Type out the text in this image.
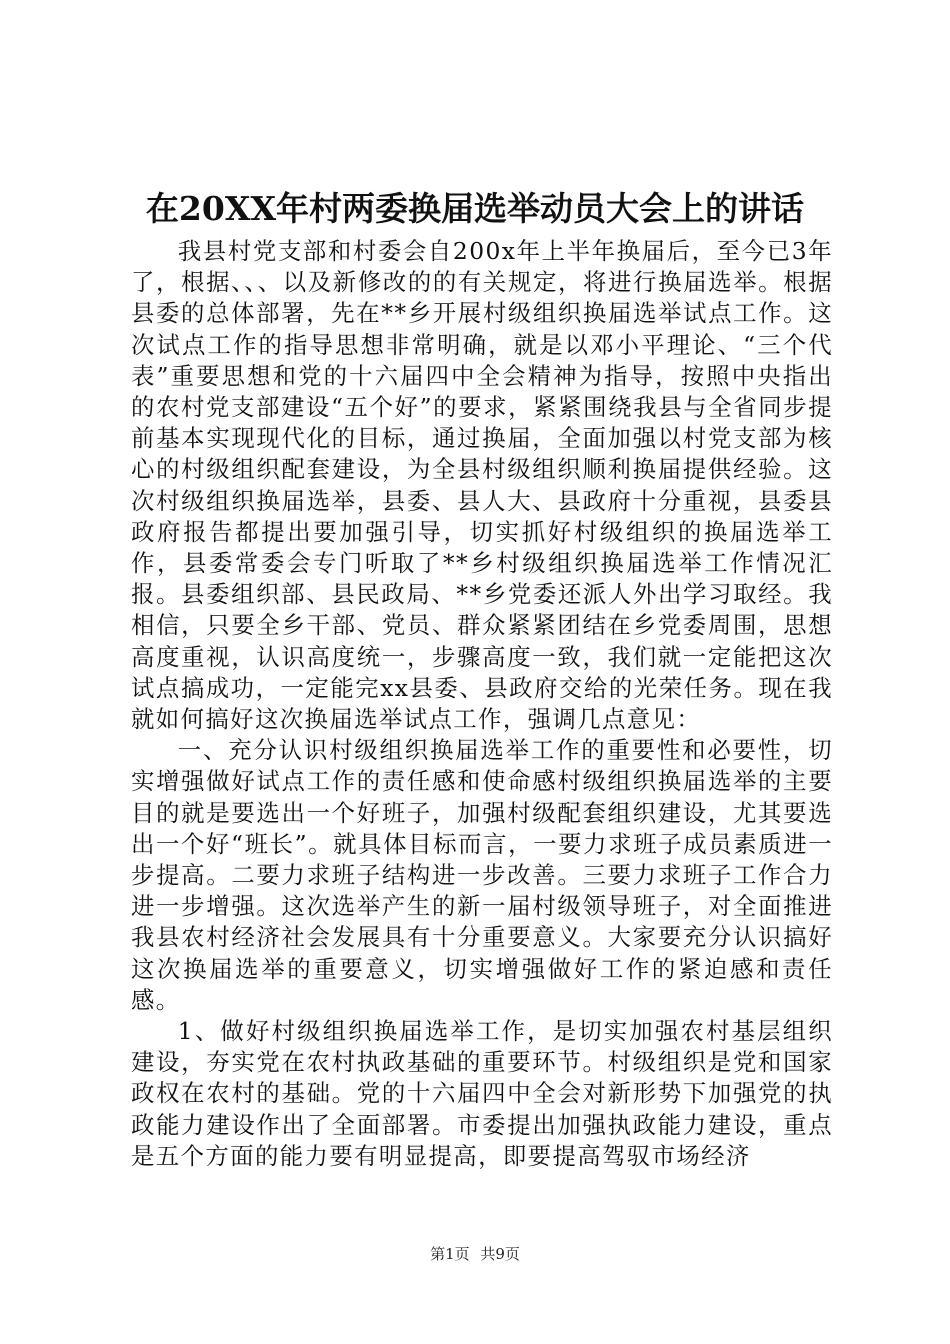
在20XX年村两委换届选举动员大会上的讲话

我县村党支部和村委会自200x年上半年换届后，至今已3年了，根据、、、以及新修改的的有关规定，将进行换届选举。根据县委的总体部署，先在**乡开展村级组织换届选举试点工作。这次试点工作的指导思想非常明确，就是以邓小平理论、“三个代表”重要思想和党的十六届四中全会精神为指导，按照中央指出的农村党支部建设“五个好”的要求，紧紧围绕我县与全省同步提前基本实现现代化的目标，通过换届，全面加强以村党支部为核心的村级组织配套建设，为全县村级组织顺利换届提供经验。这次村级组织换届选举，县委、县人大、县政府十分重视，县委县政府报告都提出要加强引导，切实抓好村级组织的换届选举工作，县委常委会专门听取了**乡村级组织换届选举工作情况汇报。县委组织部、县民政局、**乡党委还派人外出学习取经。我相信，只要全乡干部、党员、群众紧紧团结在乡党委周围，思想高度重视，认识高度统一，步骤高度一致，我们就一定能把这次试点搞成功，一定能完xx县委、县政府交给的光荣任务。现在我就如何搞好这次换届选举试点工作，强调几点意见：

一、充分认识村级组织换届选举工作的重要性和必要性，切实增强做好试点工作的责任感和使命感村级组织换届选举的主要目的就是要选出一个好班子，加强村级配套组织建设，尤其要选出一个好“班长”。就具体目标而言，一要力求班子成员素质进一步提高。二要力求班子结构进一步改善。三要力求班子工作合力进一步增强。这次选举产生的新一届村级领导班子，对全面推进我县农村经济社会发展具有十分重要意义。大家要充分认识搞好这次换届选举的重要意义，切实增强做好工作的紧迫感和责任感。

1、做好村级组织换届选举工作，是切实加强农村基层组织建设，夯实党在农村执政基础的重要环节。村级组织是党和国家政权在农村的基础。党的十六届四中全会对新形势下加强党的执政能力建设作出了全面部署。市委提出加强执政能力建设，重点是五个方面的能力要有明显提高，即要提高驾驭市场经济

第1页 共9页
